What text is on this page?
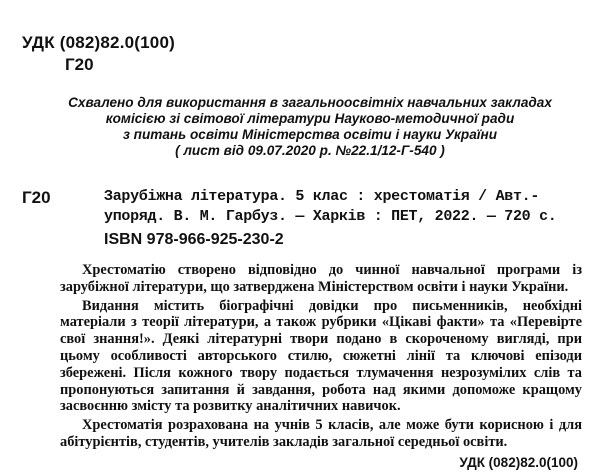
УДК (082)82.0(100)
Г20
Схвалено для використання в загальноосвітніх навчальних закладах
комісією зі світової літератури Науково-методичної ради
з питань освіти Міністерства освіти і науки України
( лист від 09.07.2020 р. №22.1/12-Г-540 )
Г20	Зарубіжна література. 5 клас : хрестоматія / Авт.-
упоряд. В. М. Гарбуз. — Харків : ПЕТ, 2022. — 720 с.
ISBN 978-966-925-230-2

Хрестоматію створено відповідно до чинної навчальної програми із зарубіжної літератури, що затверджена Міністерством освіти і науки України.

Видання містить біографічні довідки про письменників, необхідні матеріали з теорії літератури, а також рубрики «Цікаві факти» та «Перевірте свої знання!». Деякі літературні твори подано в скороченому вигляді, при цьому особливості авторського стилю, сюжетні лінії та ключові епізоди збережені. Після кожного твору подається тлумачення незрозумілих слів та пропонуються запитання й завдання, робота над якими допоможе кращому засвоєнню змісту та розвитку аналітичних навичок.

Хрестоматія розрахована на учнів 5 класів, але може бути корисною і для абітурієнтів, студентів, учителів закладів загальної середньої освіти.

УДК (082)82.0(100)
